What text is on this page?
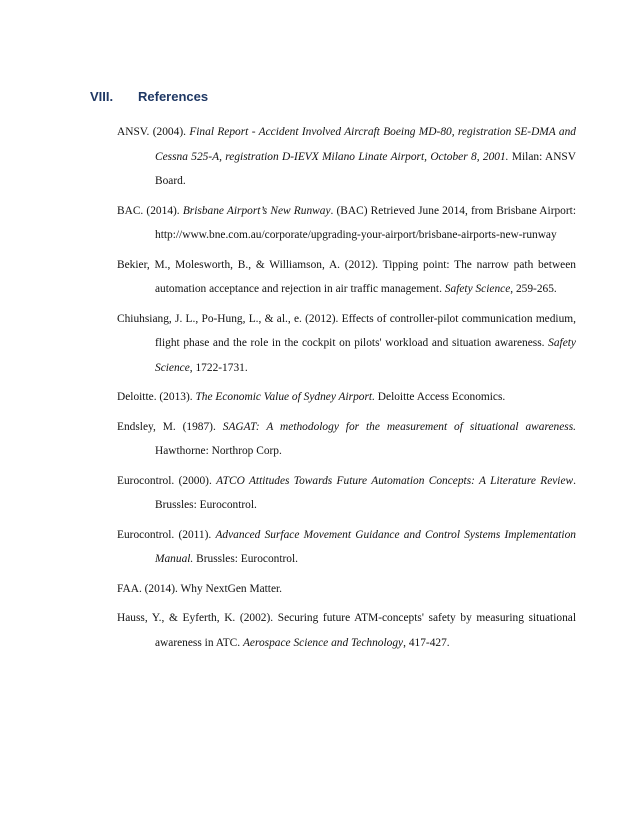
VIII. References

ANSV. (2004). Final Report - Accident Involved Aircraft Boeing MD-80, registration SE-DMA and Cessna 525-A, registration D-IEVX Milano Linate Airport, October 8, 2001. Milan: ANSV Board.

BAC. (2014). Brisbane Airport’s New Runway. (BAC) Retrieved June 2014, from Brisbane Airport: http://www.bne.com.au/corporate/upgrading-your-airport/brisbane-airports-new-runway

Bekier, M., Molesworth, B., & Williamson, A. (2012). Tipping point: The narrow path between automation acceptance and rejection in air traffic management. Safety Science, 259-265.

Chiuhsiang, J. L., Po-Hung, L., & al., e. (2012). Effects of controller-pilot communication medium, flight phase and the role in the cockpit on pilots' workload and situation awareness. Safety Science, 1722-1731.

Deloitte. (2013). The Economic Value of Sydney Airport. Deloitte Access Economics.

Endsley, M. (1987). SAGAT: A methodology for the measurement of situational awareness. Hawthorne: Northrop Corp.

Eurocontrol. (2000). ATCO Attitudes Towards Future Automation Concepts: A Literature Review. Brussles: Eurocontrol.

Eurocontrol. (2011). Advanced Surface Movement Guidance and Control Systems Implementation Manual. Brussles: Eurocontrol.

FAA. (2014). Why NextGen Matter.

Hauss, Y., & Eyferth, K. (2002). Securing future ATM-concepts' safety by measuring situational awareness in ATC. Aerospace Science and Technology, 417-427.
